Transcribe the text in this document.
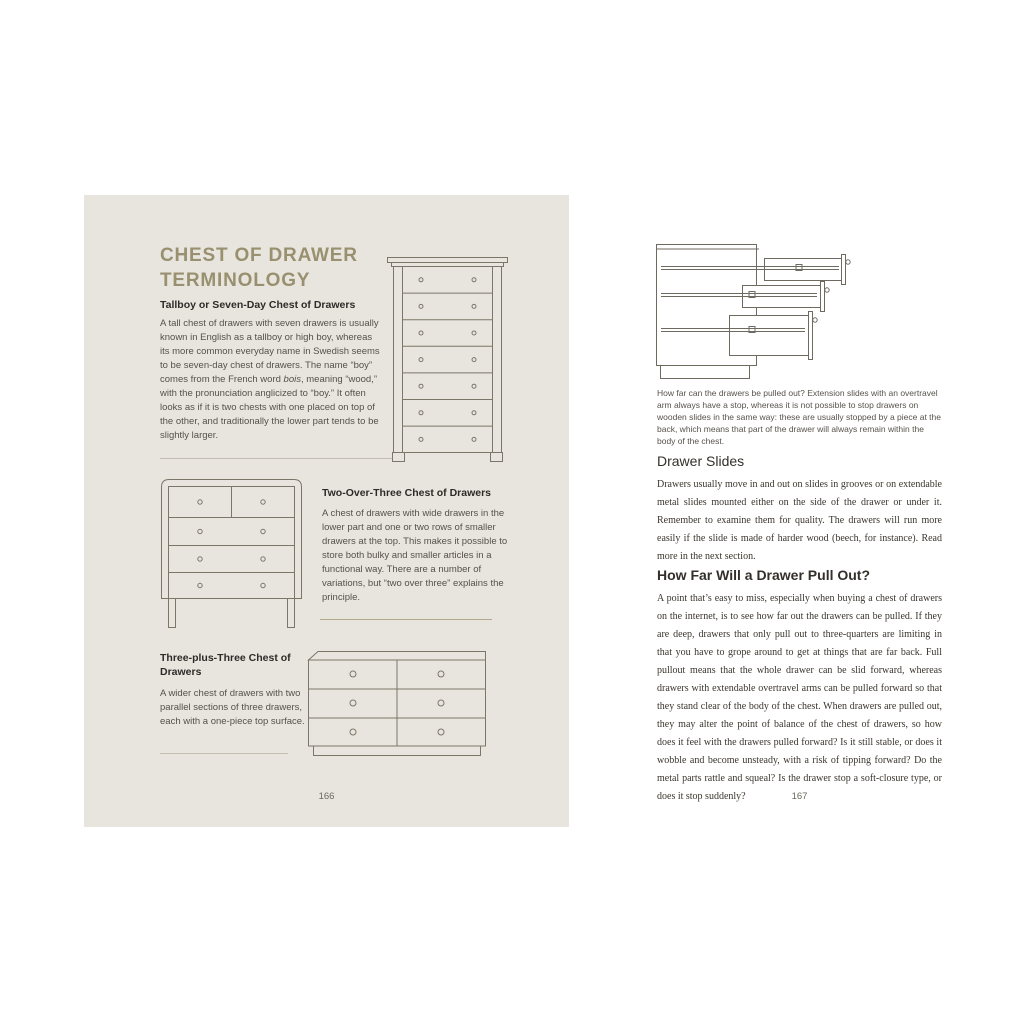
CHEST OF DRAWER
TERMINOLOGY
Tallboy or Seven-Day Chest of Drawers

A tall chest of drawers with seven drawers is usually known in English as a tallboy or high boy, whereas its more common everyday name in Swedish seems to be seven-day chest of drawers. The name “boy” comes from the French word bois, meaning “wood,” with the pronunciation anglicized to “boy.” It often looks as if it is two chests with one placed on top of the other, and traditionally the lower part tends to be slightly larger.

Two-Over-Three Chest of Drawers

A chest of drawers with wide drawers in the lower part and one or two rows of smaller drawers at the top. This makes it possible to store both bulky and smaller articles in a functional way. There are a number of variations, but “two over three” explains the principle.

Three-plus-Three Chest of Drawers

A wider chest of drawers with two parallel sections of three drawers, each with a one-piece top surface.

166

How far can the drawers be pulled out? Extension slides with an overtravel arm always have a stop, whereas it is not possible to stop drawers on wooden slides in the same way: these are usually stopped by a piece at the back, which means that part of the drawer will always remain within the body of the chest.

Drawer Slides

Drawers usually move in and out on slides in grooves or on extendable metal slides mounted either on the side of the drawer or under it. Remember to examine them for quality. The drawers will run more easily if the slide is made of harder wood (beech, for instance). Read more in the next section.

How Far Will a Drawer Pull Out?

A point that’s easy to miss, especially when buying a chest of drawers on the internet, is to see how far out the drawers can be pulled. If they are deep, drawers that only pull out to three-quarters are limiting in that you have to grope around to get at things that are far back. Full pullout means that the whole drawer can be slid forward, whereas drawers with extendable overtravel arms can be pulled forward so that they stand clear of the body of the chest. When drawers are pulled out, they may alter the point of balance of the chest of drawers, so how does it feel with the drawers pulled forward? Is it still stable, or does it wobble and become unsteady, with a risk of tipping forward? Do the metal parts rattle and squeal? Is the drawer stop a soft-closure type, or does it stop suddenly?	167
